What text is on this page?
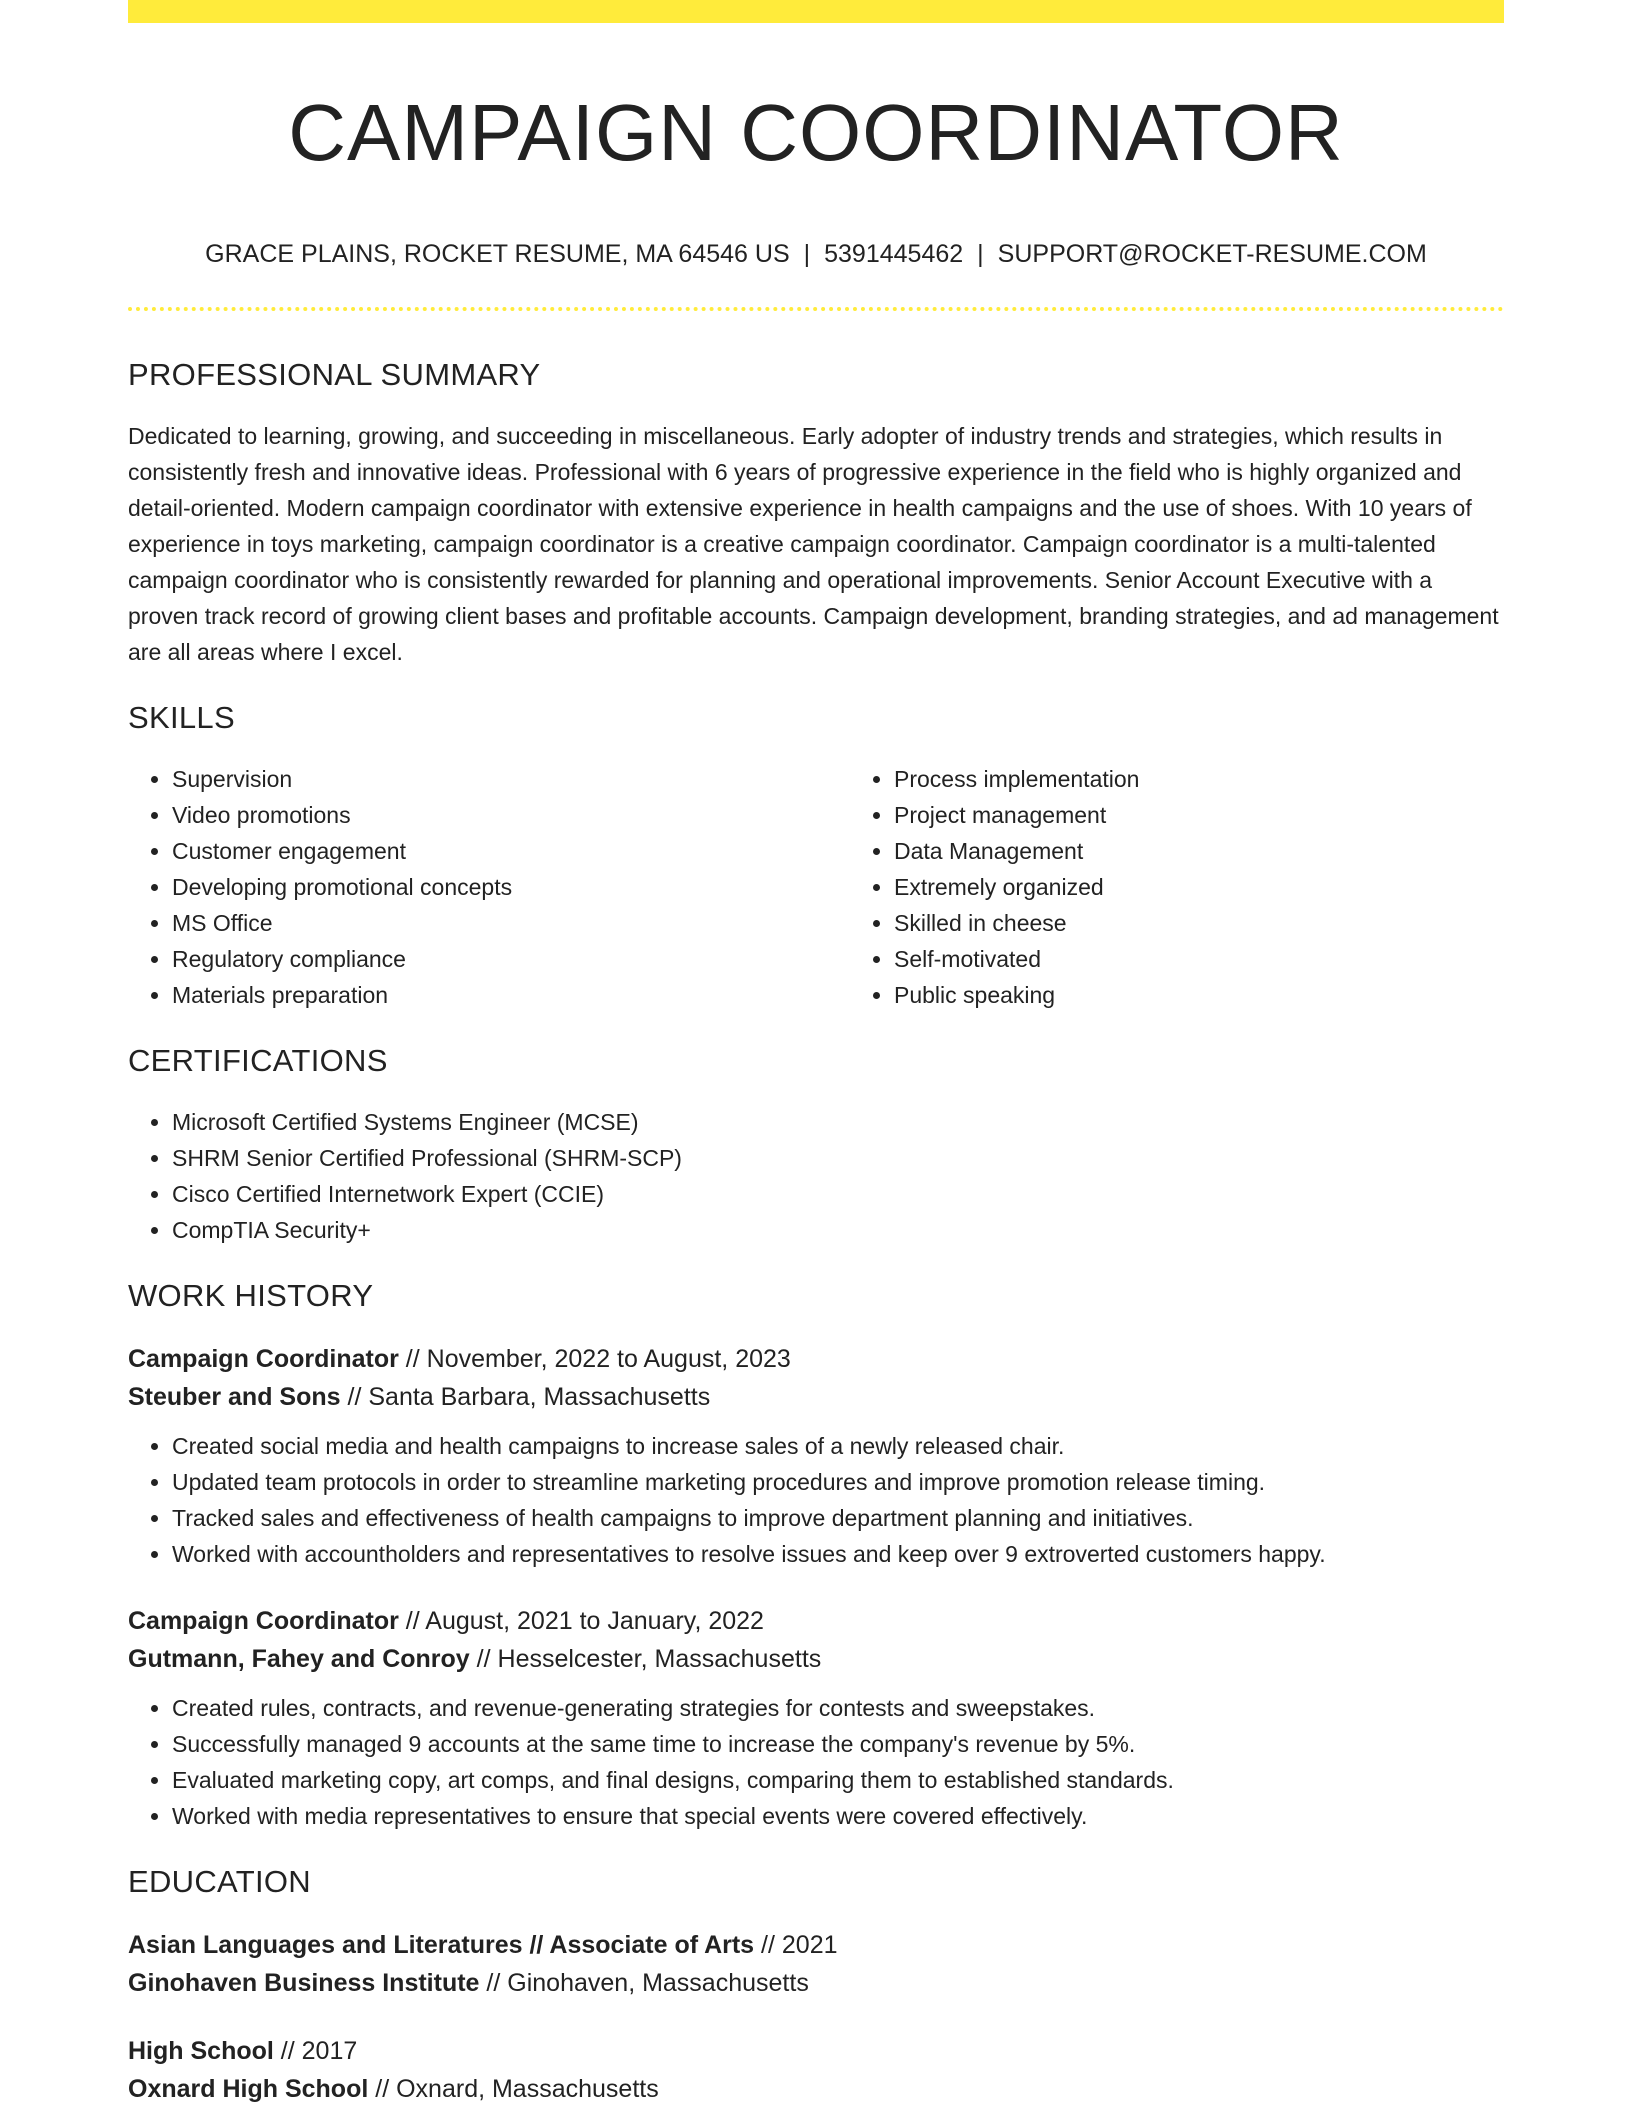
CAMPAIGN COORDINATOR
GRACE PLAINS, ROCKET RESUME, MA 64546 US | 5391445462 | SUPPORT@ROCKET-RESUME.COM
PROFESSIONAL SUMMARY
Dedicated to learning, growing, and succeeding in miscellaneous. Early adopter of industry trends and strategies, which results in consistently fresh and innovative ideas. Professional with 6 years of progressive experience in the field who is highly organized and detail-oriented. Modern campaign coordinator with extensive experience in health campaigns and the use of shoes. With 10 years of experience in toys marketing, campaign coordinator is a creative campaign coordinator. Campaign coordinator is a multi-talented campaign coordinator who is consistently rewarded for planning and operational improvements. Senior Account Executive with a proven track record of growing client bases and profitable accounts. Campaign development, branding strategies, and ad management are all areas where I excel.
SKILLS
• Supervision
• Video promotions
• Customer engagement
• Developing promotional concepts
• MS Office
• Regulatory compliance
• Materials preparation
• Process implementation
• Project management
• Data Management
• Extremely organized
• Skilled in cheese
• Self-motivated
• Public speaking
CERTIFICATIONS
• Microsoft Certified Systems Engineer (MCSE)
• SHRM Senior Certified Professional (SHRM-SCP)
• Cisco Certified Internetwork Expert (CCIE)
• CompTIA Security+
WORK HISTORY
Campaign Coordinator // November, 2022 to August, 2023
Steuber and Sons // Santa Barbara, Massachusetts
• Created social media and health campaigns to increase sales of a newly released chair.
• Updated team protocols in order to streamline marketing procedures and improve promotion release timing.
• Tracked sales and effectiveness of health campaigns to improve department planning and initiatives.
• Worked with accountholders and representatives to resolve issues and keep over 9 extroverted customers happy.
Campaign Coordinator // August, 2021 to January, 2022
Gutmann, Fahey and Conroy // Hesselcester, Massachusetts
• Created rules, contracts, and revenue-generating strategies for contests and sweepstakes.
• Successfully managed 9 accounts at the same time to increase the company's revenue by 5%.
• Evaluated marketing copy, art comps, and final designs, comparing them to established standards.
• Worked with media representatives to ensure that special events were covered effectively.
EDUCATION
Asian Languages and Literatures // Associate of Arts // 2021
Ginohaven Business Institute // Ginohaven, Massachusetts
High School // 2017
Oxnard High School // Oxnard, Massachusetts
